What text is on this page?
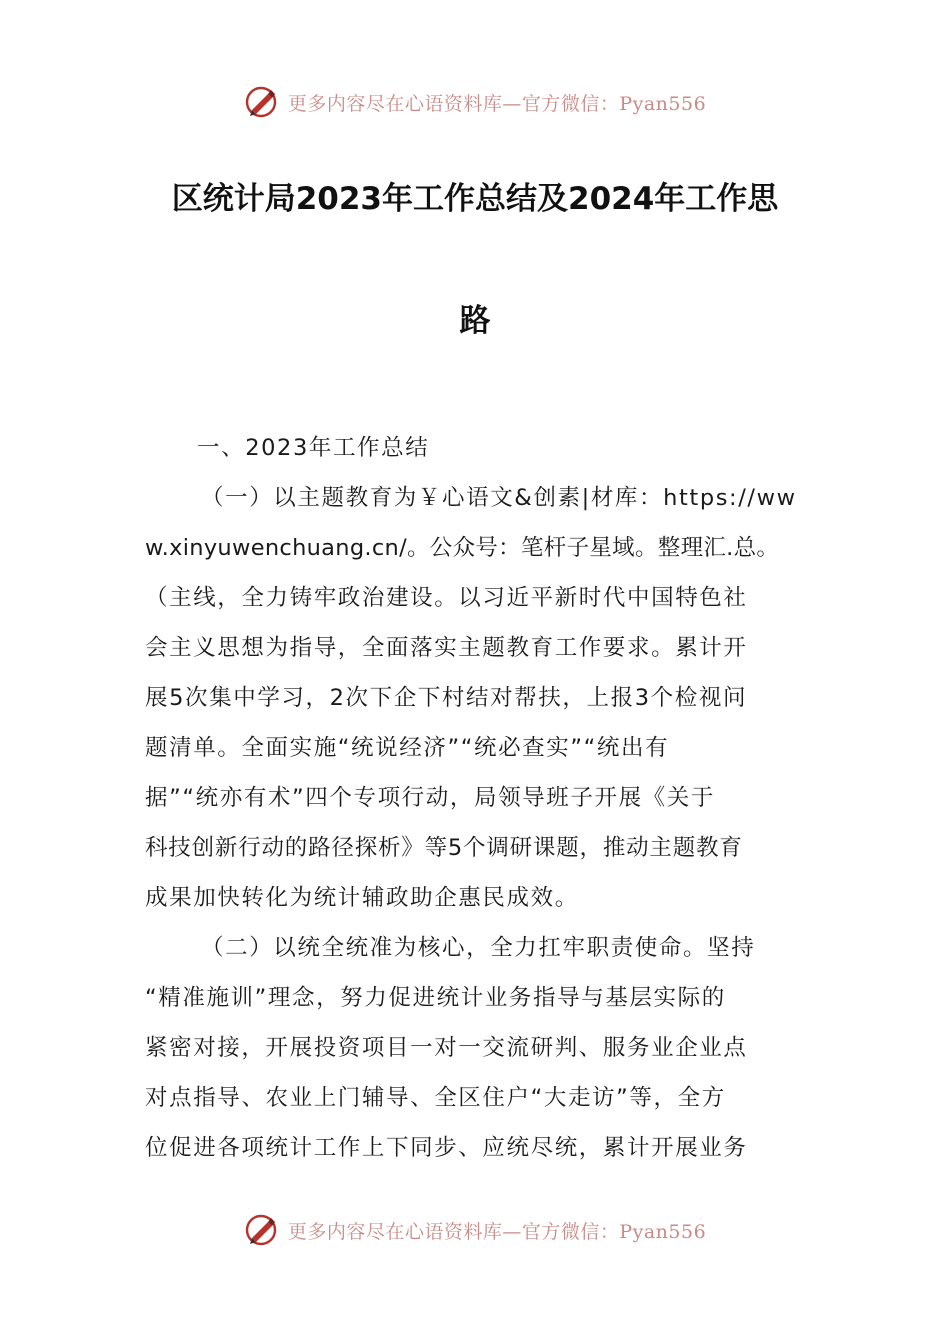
更多内容尽在心语资料库—官方微信：Pyan556
区统计局2023年工作总结及2024年工作思
路
一、2023年工作总结
（一）以主题教育为￥心语文&创素|材库：https://ww
w.xinyuwenchuang.cn/。公众号：笔杆子星域。整理汇.总。
（主线，全力铸牢政治建设。以习近平新时代中国特色社
会主义思想为指导，全面落实主题教育工作要求。累计开
展5次集中学习，2次下企下村结对帮扶，上报3个检视问
题清单。全面实施“统说经济”“统必查实”“统出有
据”“统亦有术”四个专项行动，局领导班子开展《关于
科技创新行动的路径探析》等5个调研课题，推动主题教育
成果加快转化为统计辅政助企惠民成效。
（二）以统全统准为核心，全力扛牢职责使命。坚持
“精准施训”理念，努力促进统计业务指导与基层实际的
紧密对接，开展投资项目一对一交流研判、服务业企业点
对点指导、农业上门辅导、全区住户“大走访”等，全方
位促进各项统计工作上下同步、应统尽统，累计开展业务
更多内容尽在心语资料库—官方微信：Pyan556
